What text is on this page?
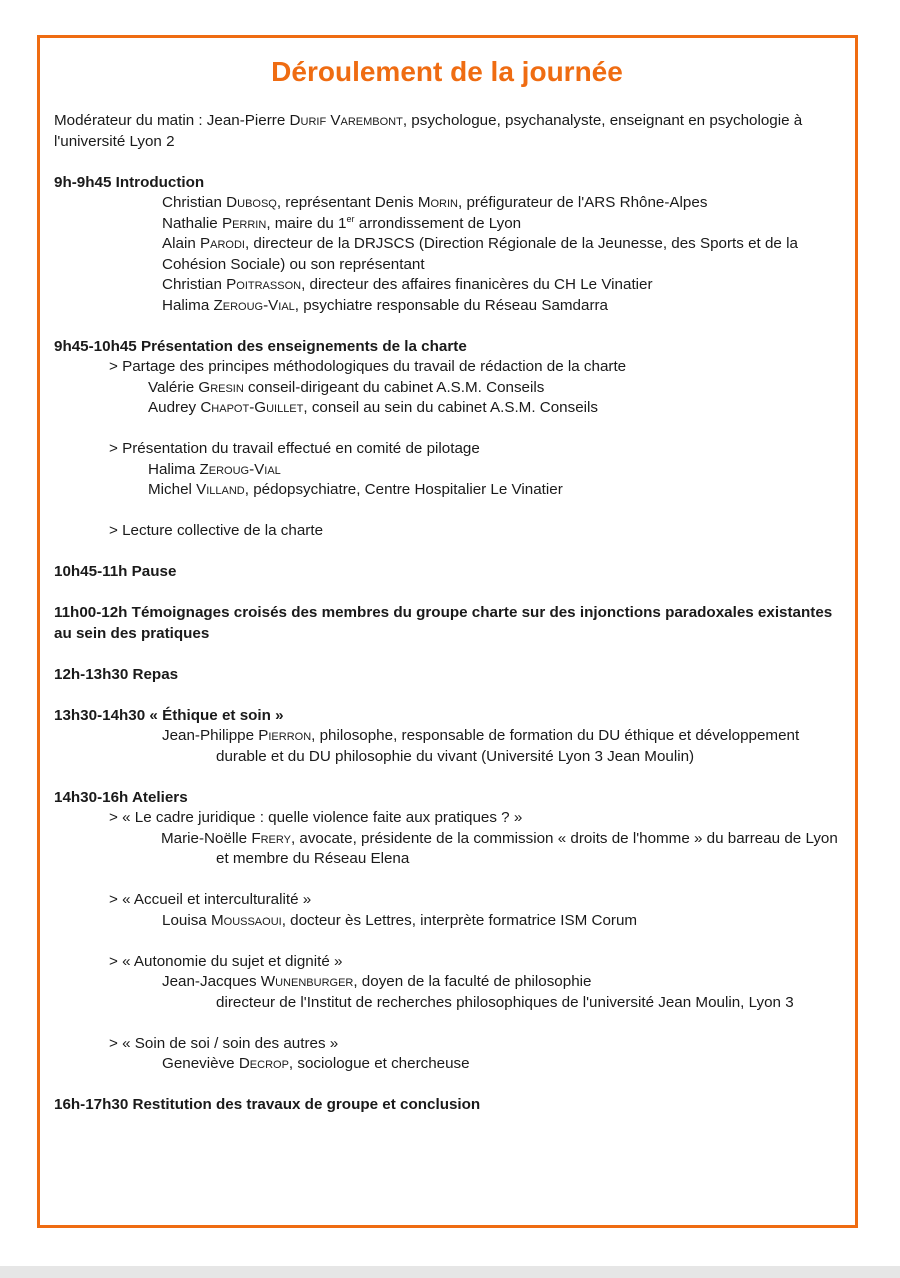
Déroulement de la journée

Modérateur du matin : Jean-Pierre Durif Varembont, psychologue, psychanalyste, enseignant en psychologie à l'université Lyon 2

9h-9h45 Introduction

Christian Dubosq, représentant Denis Morin, préfigurateur de l'ARS Rhône-Alpes

Nathalie Perrin, maire du 1er arrondissement de Lyon

Alain Parodi, directeur de la DRJSCS (Direction Régionale de la Jeunesse, des Sports et de la Cohésion Sociale) ou son représentant

Christian Poitrasson, directeur des affaires finanicères du CH Le Vinatier

Halima Zeroug-Vial, psychiatre responsable du Réseau Samdarra

9h45-10h45 Présentation des enseignements de la charte

> Partage des principes méthodologiques du travail de rédaction de la charte

Valérie Gresin conseil-dirigeant du cabinet A.S.M. Conseils

Audrey Chapot-Guillet, conseil au sein du cabinet A.S.M. Conseils

> Présentation du travail effectué en comité de pilotage

Halima Zeroug-Vial

Michel Villand, pédopsychiatre, Centre Hospitalier Le Vinatier

> Lecture collective de la charte

10h45-11h Pause

11h00-12h Témoignages croisés des membres du groupe charte sur des injonctions paradoxales existantes au sein des pratiques

12h-13h30 Repas

13h30-14h30 « Éthique et soin »

Jean-Philippe Pierron, philosophe, responsable de formation du DU éthique et développement durable et du DU philosophie du vivant (Université Lyon 3 Jean Moulin)

14h30-16h Ateliers

> « Le cadre juridique : quelle violence faite aux pratiques ? »

Marie-Noëlle Frery, avocate, présidente de la commission « droits de l'homme » du barreau de Lyon et membre du Réseau Elena

> « Accueil et interculturalité »

Louisa Moussaoui, docteur ès Lettres, interprète formatrice ISM Corum

> « Autonomie du sujet et dignité »

Jean-Jacques Wunenburger, doyen de la faculté de philosophie

directeur de l'Institut de recherches philosophiques de l'université Jean Moulin, Lyon 3

> « Soin de soi / soin des autres »

Geneviève Decrop, sociologue et chercheuse

16h-17h30 Restitution des travaux de groupe et conclusion
